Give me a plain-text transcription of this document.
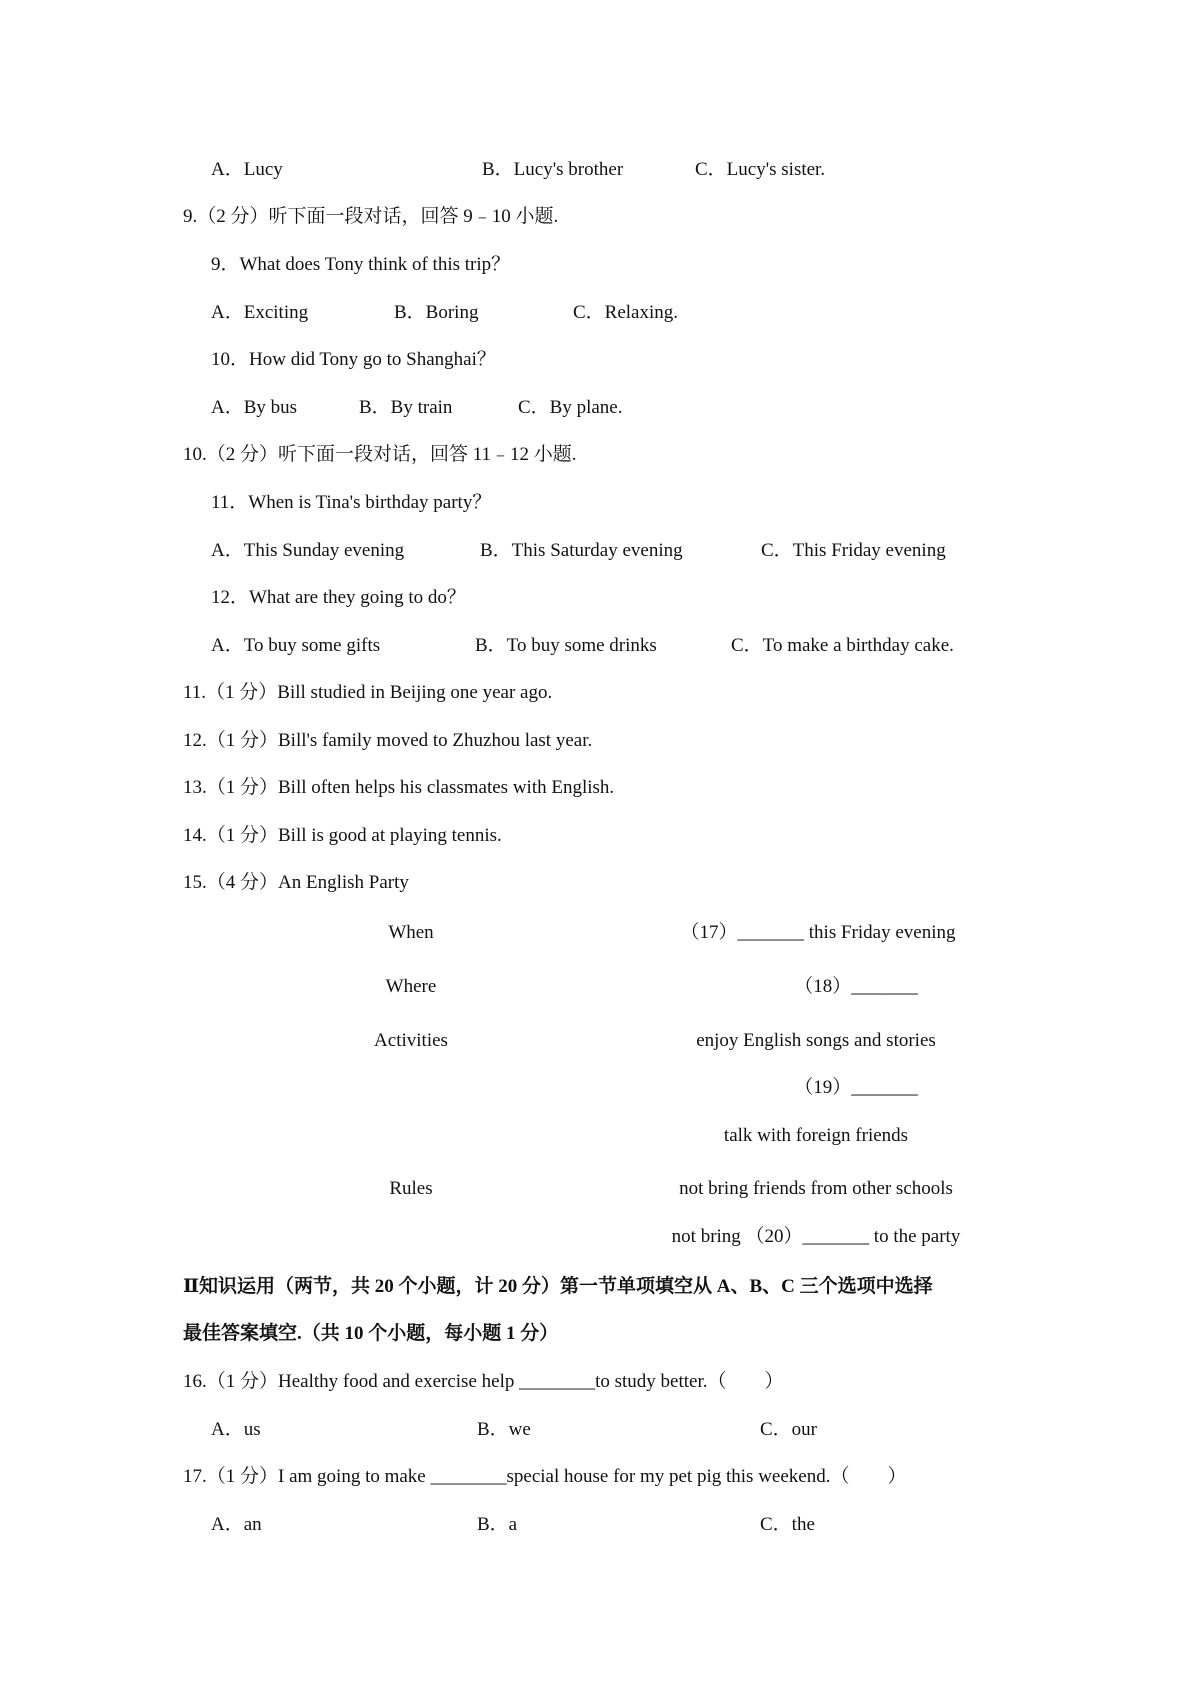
A．Lucy	B．Lucy's brother	C．Lucy's sister.
9.（2 分）听下面一段对话，回答 9﹣10 小题.
9．What does Tony think of this trip？
A．Exciting	B．Boring	C．Relaxing.
10．How did Tony go to Shanghai？
A．By bus	B．By train	C．By plane.
10.（2 分）听下面一段对话，回答 11﹣12 小题.
11．When is Tina's birthday party？
A．This Sunday evening	B．This Saturday evening	C．This Friday evening
12．What are they going to do？
A．To buy some gifts	B．To buy some drinks	C．To make a birthday cake.
11.（1 分）Bill studied in Beijing one year ago.
12.（1 分）Bill's family moved to Zhuzhou last year.
13.（1 分）Bill often helps his classmates with English.
14.（1 分）Bill is good at playing tennis.
15.（4 分）An English Party
When	（17）_______ this Friday evening
Where	（18）_______
Activities	enjoy English songs and stories
（19）_______
talk with foreign friends
Rules	not bring friends from other schools
not bring （20）_______ to the party
Ⅱ知识运用（两节，共 20 个小题，计 20 分）第一节单项填空从 A、B、C 三个选项中选择
最佳答案填空.（共 10 个小题，每小题 1 分）
16.（1 分）Healthy food and exercise help ________to study better.（　　）
A．us	B．we	C．our
17.（1 分）I am going to make ________special house for my pet pig this weekend.（　　）
A．an	B．a	C．the
